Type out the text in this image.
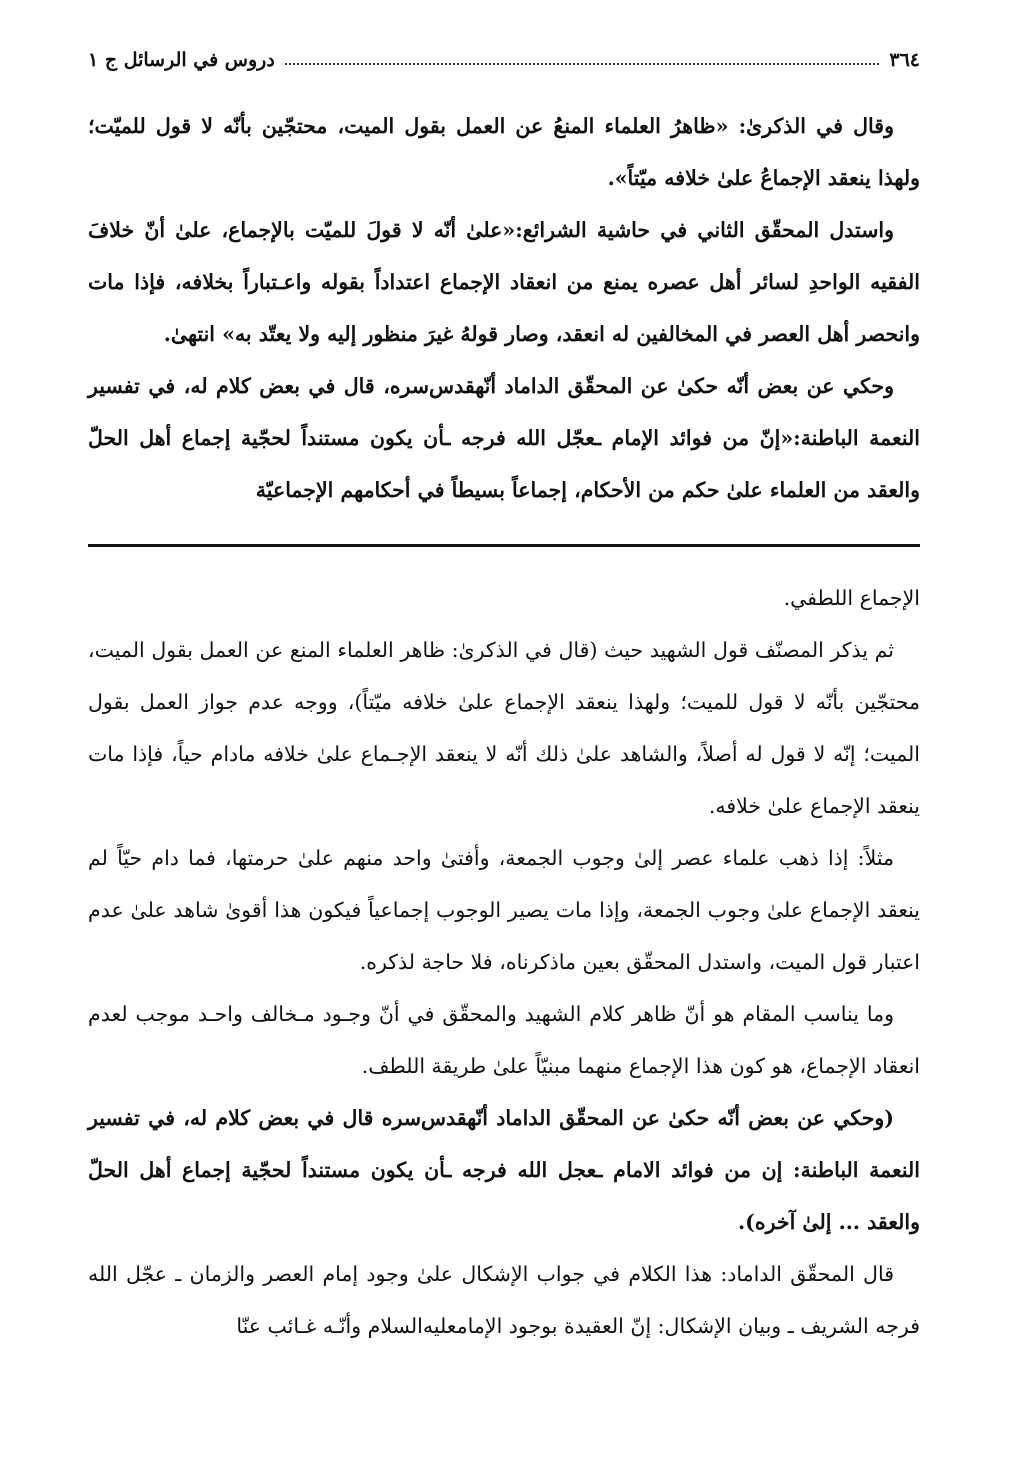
٣٦٤
دروس في الرسائل ج ١

وقال في الذكرىٰ: «ظاهرُ العلماء المنعُ عن العمل بقول الميت، محتجّين بأنّه لا قول للميّت؛ ولهذا ينعقد الإجماعُ علىٰ خلافه ميّتاً».

واستدل المحقّق الثاني في حاشية الشرائع:«علىٰ أنّه لا قولَ للميّت بالإجماع، علىٰ أنّ خلافَ الفقيه الواحدِ لسائر أهل عصره يمنع من انعقاد الإجماع اعتداداً بقوله واعـتباراً بخلافه، فإذا مات وانحصر أهل العصر في المخالفين له انعقد، وصار قولهُ غيرَ منظور إليه ولا يعتّد به» انتهىٰ.

وحكي عن بعض أنّه حكىٰ عن المحقّق الداماد أنّه‏قدس‌سره، قال في بعض كلام له، في تفسير النعمة الباطنة:«إنّ من فوائد الإمام ـعجّل الله فرجه ـأن يكون مستنداً لحجّية إجماع أهل الحلّ والعقد من العلماء علىٰ حكم من الأحكام، إجماعاً بسيطاً في أحكامهم الإجماعيّة

الإجماع اللطفي.

ثم يذكر المصنّف قول الشهيد حيث (قال في الذكرىٰ: ظاهر العلماء المنع عن العمل بقول الميت، محتجّين بأنّه لا قول للميت؛ ولهذا ينعقد الإجماع علىٰ خلافه ميّتاً)، ووجه عدم جواز العمل بقول الميت؛ إنّه لا قول له أصلاً، والشاهد علىٰ ذلك أنّه لا ينعقد الإجـماع علىٰ خلافه مادام حياً، فإذا مات ينعقد الإجماع علىٰ خلافه.

مثلاً: إذا ذهب علماء عصر إلىٰ وجوب الجمعة، وأفتىٰ واحد منهم علىٰ حرمتها، فما دام حيّاً لم ينعقد الإجماع علىٰ وجوب الجمعة، وإذا مات يصير الوجوب إجماعياً فيكون هذا أقوىٰ شاهد علىٰ عدم اعتبار قول الميت، واستدل المحقّق بعين ماذكرناه، فلا حاجة لذكره.

وما يناسب المقام هو أنّ ظاهر كلام الشهيد والمحقّق في أنّ وجـود مـخالف واحـد موجب لعدم انعقاد الإجماع، هو كون هذا الإجماع منهما مبنيّاً علىٰ طريقة اللطف.

(وحكي عن بعض أنّه حكىٰ عن المحقّق الداماد أنّه‏قدس‌سره قال في بعض كلام له، في تفسير النعمة الباطنة: إن من فوائد الامام ـعجل الله فرجه ـأن يكون مستنداً لحجّية إجماع أهل الحلّ والعقد ... إلىٰ آخره).

قال المحقّق الداماد: هذا الكلام في جواب الإشكال علىٰ وجود إمام العصر والزمان ـ عجّل الله فرجه الشريف ـ وبيان الإشكال: إنّ العقيدة بوجود الإمام‏عليه‌السلام وأنّـه غـائب عنّا
